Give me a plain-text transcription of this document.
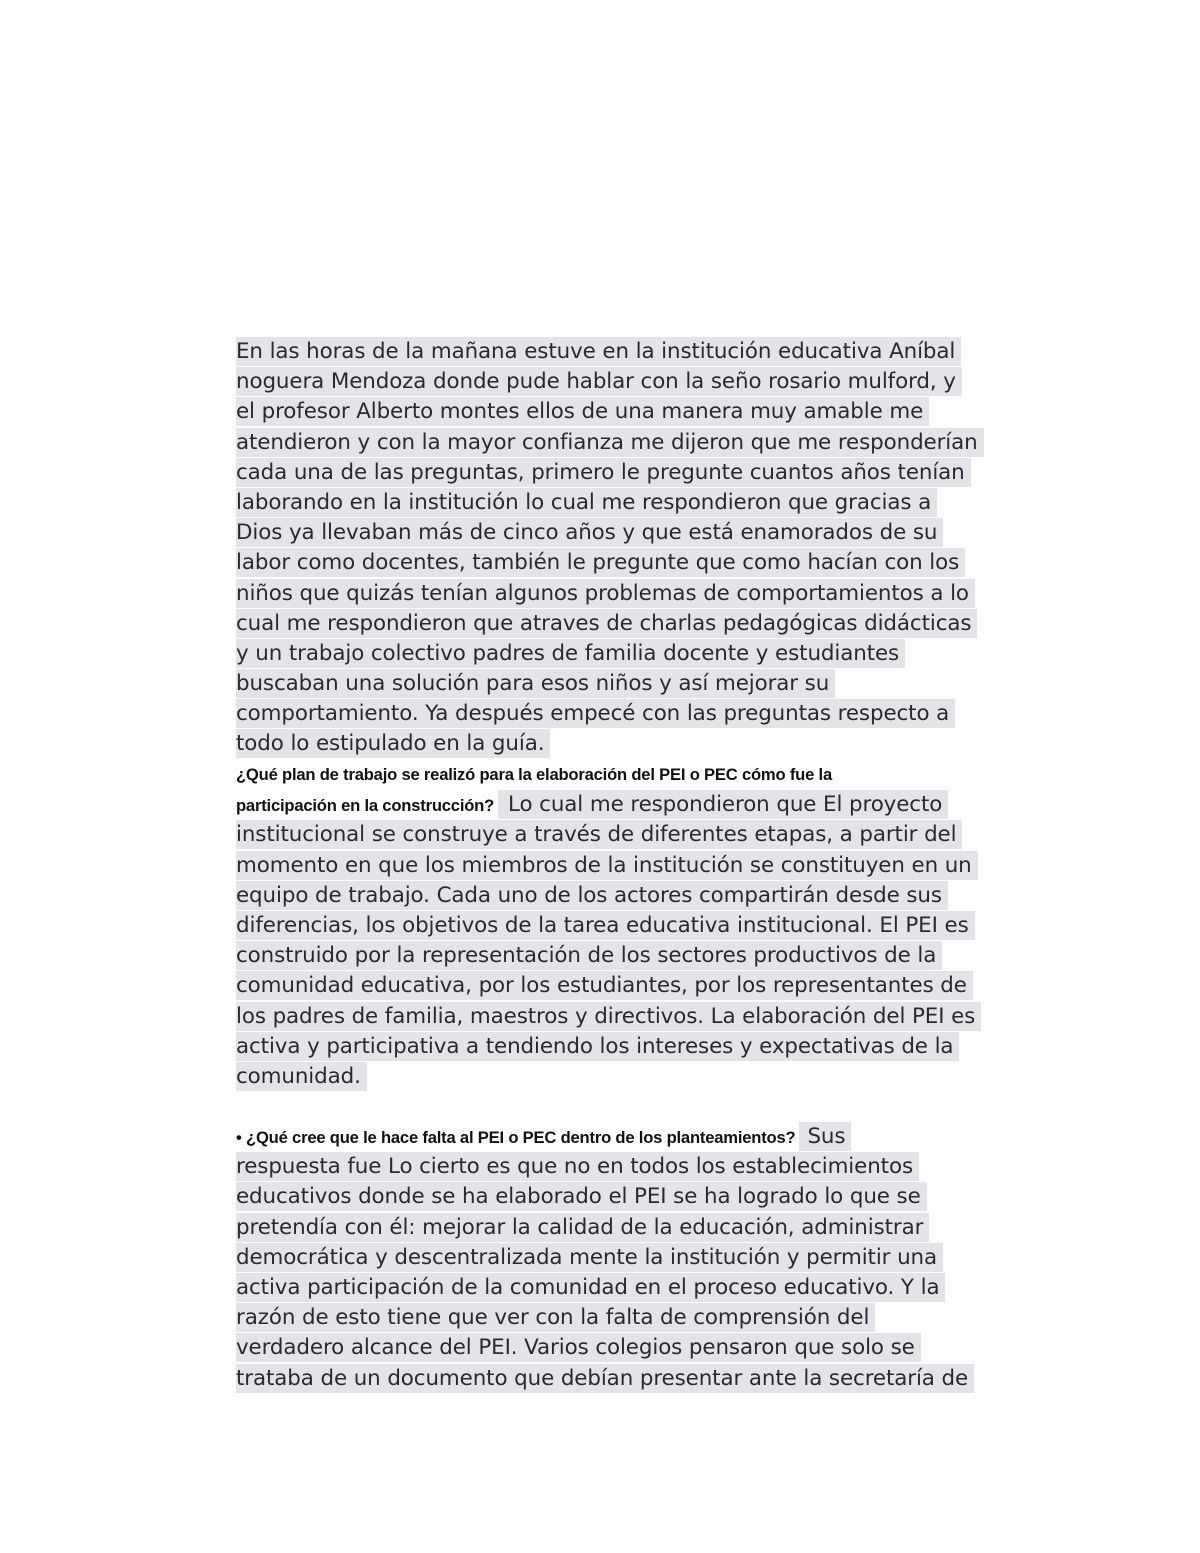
En las horas de la mañana estuve en la institución educativa Aníbal
noguera Mendoza donde pude hablar con la seño rosario mulford, y
el profesor Alberto montes ellos de una manera muy amable me
atendieron y con la mayor confianza me dijeron que me responderían
cada una de las preguntas, primero le pregunte cuantos años tenían
laborando en la institución lo cual me respondieron que gracias a
Dios ya llevaban más de cinco años y que está enamorados de su
labor como docentes, también le pregunte que como hacían con los
niños que quizás tenían algunos problemas de comportamientos a lo
cual me respondieron que atraves de charlas pedagógicas didácticas
y un trabajo colectivo padres de familia docente y estudiantes
buscaban una solución para esos niños y así mejorar su
comportamiento. Ya después empecé con las preguntas respecto a
todo lo estipulado en la guía.
¿Qué plan de trabajo se realizó para la elaboración del PEI o PEC cómo fue la
participación en la construcción? Lo cual me respondieron que El proyecto
institucional se construye a través de diferentes etapas, a partir del
momento en que los miembros de la institución se constituyen en un
equipo de trabajo. Cada uno de los actores compartirán desde sus
diferencias, los objetivos de la tarea educativa institucional. El PEI es
construido por la representación de los sectores productivos de la
comunidad educativa, por los estudiantes, por los representantes de
los padres de familia, maestros y directivos. La elaboración del PEI es
activa y participativa a tendiendo los intereses y expectativas de la
comunidad.
• ¿Qué cree que le hace falta al PEI o PEC dentro de los planteamientos? Sus
respuesta fue Lo cierto es que no en todos los establecimientos
educativos donde se ha elaborado el PEI se ha logrado lo que se
pretendía con él: mejorar la calidad de la educación, administrar
democrática y descentralizada mente la institución y permitir una
activa participación de la comunidad en el proceso educativo. Y la
razón de esto tiene que ver con la falta de comprensión del
verdadero alcance del PEI. Varios colegios pensaron que solo se
trataba de un documento que debían presentar ante la secretaría de
